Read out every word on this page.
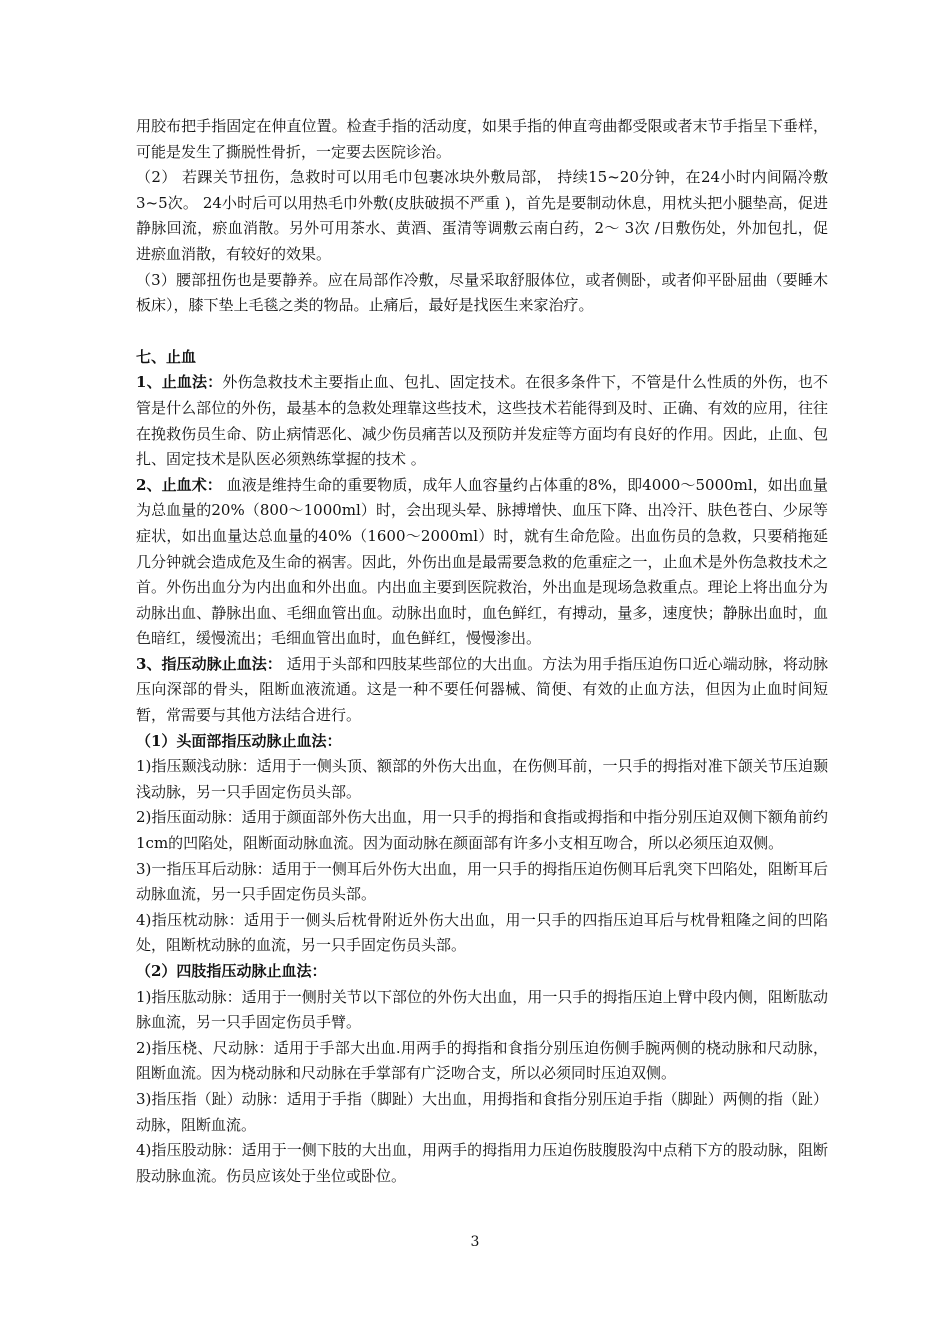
用胶布把手指固定在伸直位置。检查手指的活动度，如果手指的伸直弯曲都受限或者末节手指呈下垂样，可能是发生了撕脱性骨折，一定要去医院诊治。

（2） 若踝关节扭伤，急救时可以用毛巾包裹冰块外敷局部， 持续15~20分钟，在24小时内间隔冷敷3~5次。 24小时后可以用热毛巾外敷(皮肤破损不严重 )，首先是要制动休息，用枕头把小腿垫高，促进静脉回流，瘀血消散。另外可用茶水、黄酒、蛋清等调敷云南白药，2～ 3次 /日敷伤处，外加包扎，促进瘀血消散，有较好的效果。

（3）腰部扭伤也是要静养。应在局部作冷敷，尽量采取舒服体位，或者侧卧，或者仰平卧屈曲（要睡木板床），膝下垫上毛毯之类的物品。止痛后，最好是找医生来家治疗。

七、止血

1、止血法：外伤急救技术主要指止血、包扎、固定技术。在很多条件下，不管是什么性质的外伤，也不管是什么部位的外伤，最基本的急救处理靠这些技术，这些技术若能得到及时、正确、有效的应用，往往在挽救伤员生命、防止病情恶化、减少伤员痛苦以及预防并发症等方面均有良好的作用。因此，止血、包扎、固定技术是队医必须熟练掌握的技术 。

2、止血术： 血液是维持生命的重要物质，成年人血容量约占体重的8%，即4000～5000ml，如出血量为总血量的20%（800～1000ml）时，会出现头晕、脉搏增快、血压下降、出冷汗、肤色苍白、少尿等症状，如出血量达总血量的40%（1600～2000ml）时，就有生命危险。出血伤员的急救，只要稍拖延几分钟就会造成危及生命的祸害。因此，外伤出血是最需要急救的危重症之一，止血术是外伤急救技术之首。外伤出血分为内出血和外出血。内出血主要到医院救治，外出血是现场急救重点。理论上将出血分为动脉出血、静脉出血、毛细血管出血。动脉出血时，血色鲜红，有搏动，量多，速度快；静脉出血时，血色暗红，缓慢流出；毛细血管出血时，血色鲜红，慢慢渗出。

3、指压动脉止血法： 适用于头部和四肢某些部位的大出血。方法为用手指压迫伤口近心端动脉，将动脉压向深部的骨头，阻断血液流通。这是一种不要任何器械、简便、有效的止血方法，但因为止血时间短暂，常需要与其他方法结合进行。

（1）头面部指压动脉止血法：

1)指压颞浅动脉：适用于一侧头顶、额部的外伤大出血，在伤侧耳前，一只手的拇指对准下颌关节压迫颞浅动脉，另一只手固定伤员头部。

2)指压面动脉：适用于颜面部外伤大出血，用一只手的拇指和食指或拇指和中指分别压迫双侧下额角前约1cm的凹陷处，阻断面动脉血流。因为面动脉在颜面部有许多小支相互吻合，所以必须压迫双侧。

3)一指压耳后动脉：适用于一侧耳后外伤大出血，用一只手的拇指压迫伤侧耳后乳突下凹陷处，阻断耳后动脉血流，另一只手固定伤员头部。

4)指压枕动脉：适用于一侧头后枕骨附近外伤大出血，用一只手的四指压迫耳后与枕骨粗隆之间的凹陷处，阻断枕动脉的血流，另一只手固定伤员头部。

（2）四肢指压动脉止血法：

1)指压肱动脉：适用于一侧肘关节以下部位的外伤大出血，用一只手的拇指压迫上臂中段内侧，阻断肱动脉血流，另一只手固定伤员手臂。

2)指压桡、尺动脉：适用于手部大出血.用两手的拇指和食指分别压迫伤侧手腕两侧的桡动脉和尺动脉，阻断血流。因为桡动脉和尺动脉在手掌部有广泛吻合支，所以必须同时压迫双侧。

3)指压指（趾）动脉：适用于手指（脚趾）大出血，用拇指和食指分别压迫手指（脚趾）两侧的指（趾）动脉，阻断血流。

4)指压股动脉：适用于一侧下肢的大出血，用两手的拇指用力压迫伤肢腹股沟中点稍下方的股动脉，阻断股动脉血流。伤员应该处于坐位或卧位。

3
